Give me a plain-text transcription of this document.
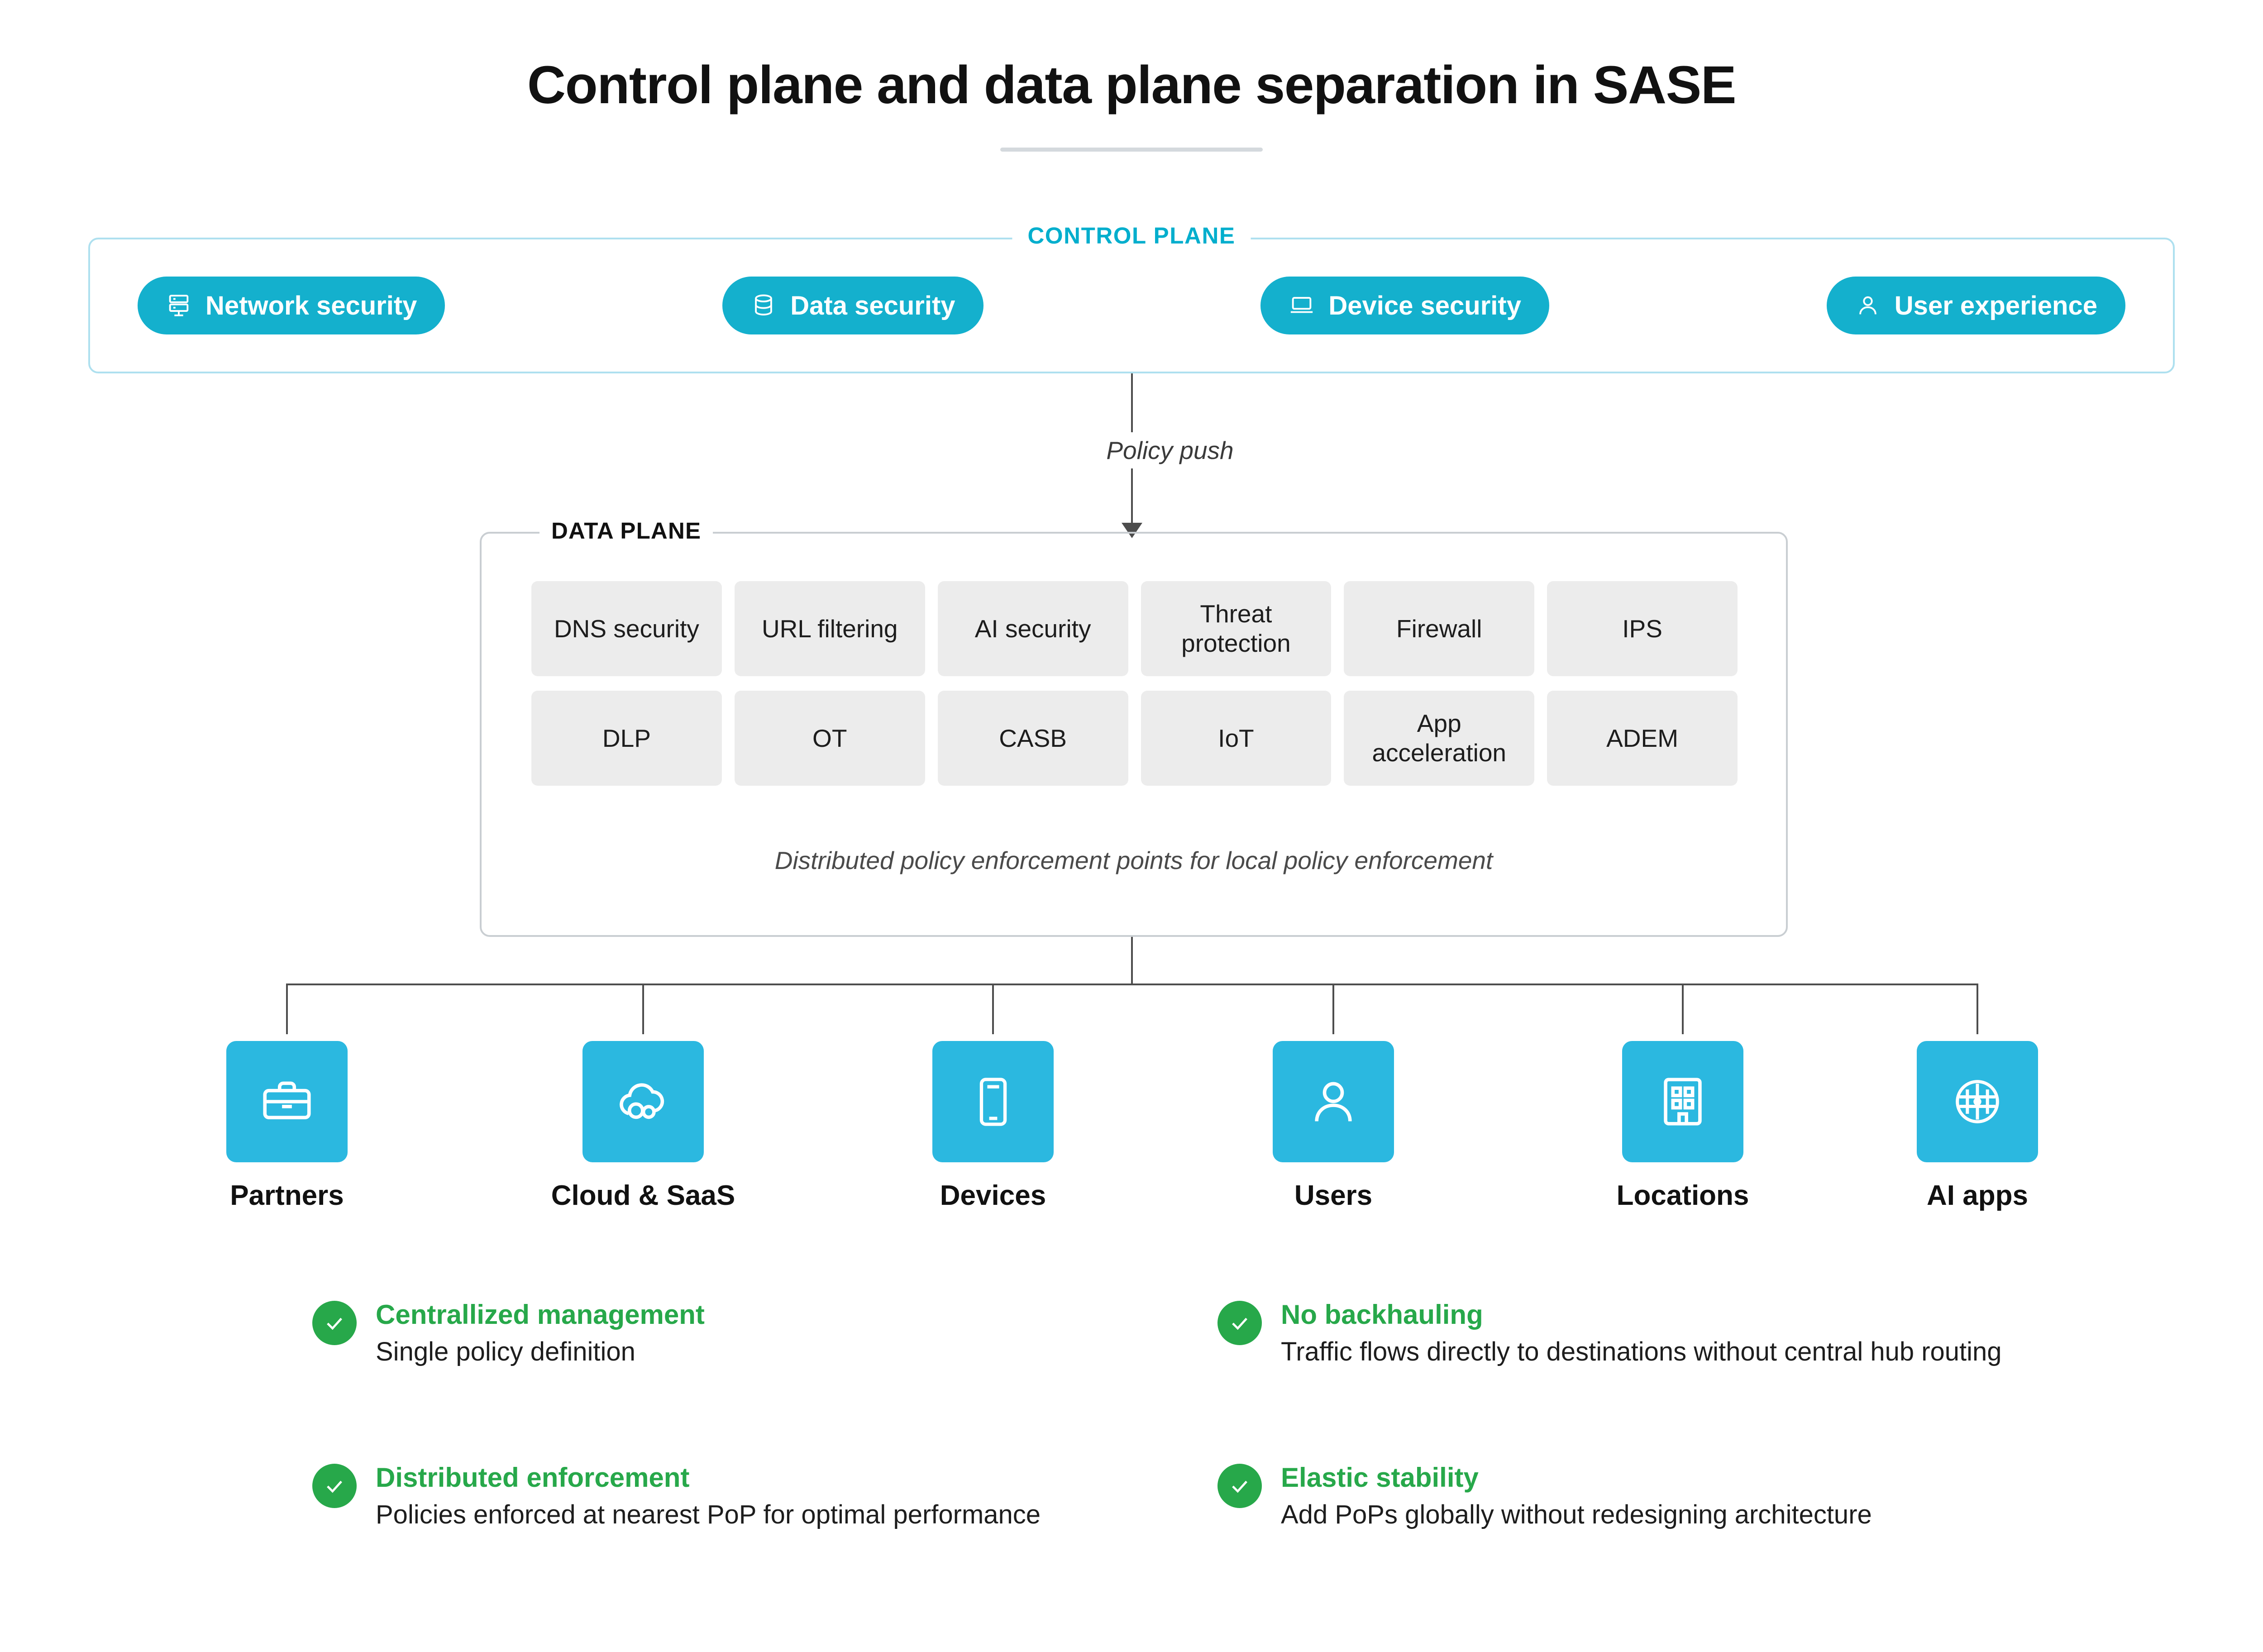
Control plane and data plane separation in SASE
CONTROL PLANE
Network security	Data security	Device security	User experience
Policy push
DATA PLANE
DNS security	URL filtering	AI security
Threat protection
Firewall	IPS
DLP	OT	CASB	IoT
App acceleration
ADEM
Distributed policy enforcement points for local policy enforcement
Partners	Cloud & SaaS	Devices	Users	Locations	AI apps
Centrallized management
Single policy definition
No backhauling
Traffic flows directly to destinations without central hub routing
Distributed enforcement
Policies enforced at nearest PoP for optimal performance
Elastic stability
Add PoPs globally without redesigning architecture
